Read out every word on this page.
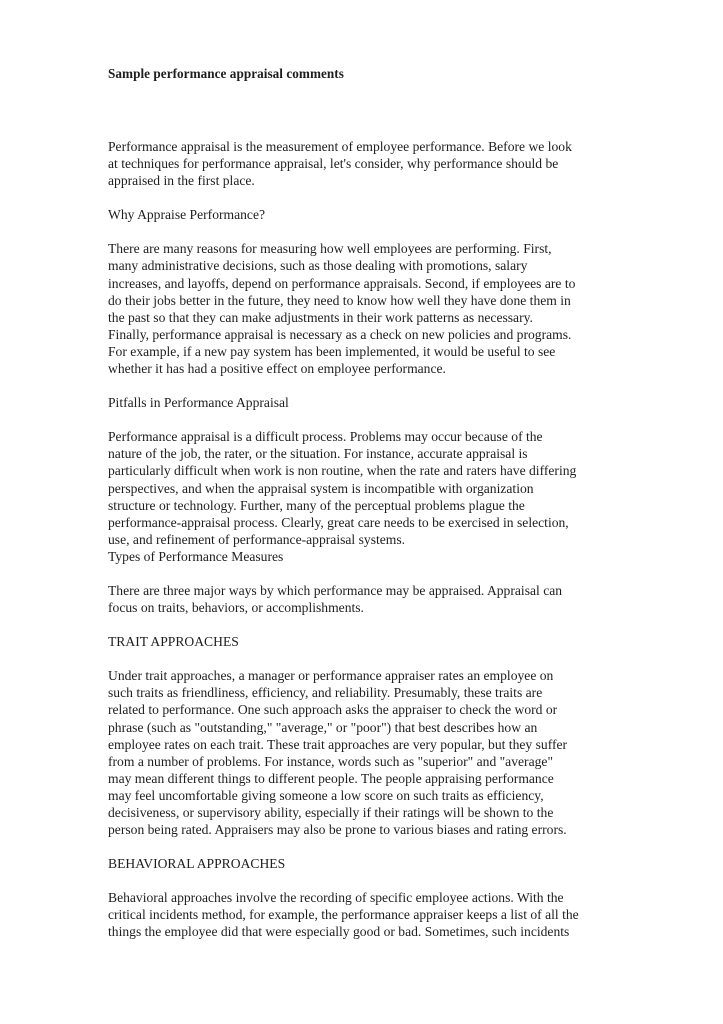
Sample performance appraisal comments

Performance appraisal is the measurement of employee performance. Before we look
at techniques for performance appraisal, let's consider, why performance should be
appraised in the first place.

Why Appraise Performance?

There are many reasons for measuring how well employees are performing. First,
many administrative decisions, such as those dealing with promotions, salary
increases, and layoffs, depend on performance appraisals. Second, if employees are to
do their jobs better in the future, they need to know how well they have done them in
the past so that they can make adjustments in their work patterns as necessary.
Finally, performance appraisal is necessary as a check on new policies and programs.
For example, if a new pay system has been implemented, it would be useful to see
whether it has had a positive effect on employee performance.

Pitfalls in Performance Appraisal

Performance appraisal is a difficult process. Problems may occur because of the
nature of the job, the rater, or the situation. For instance, accurate appraisal is
particularly difficult when work is non routine, when the rate and raters have differing
perspectives, and when the appraisal system is incompatible with organization
structure or technology. Further, many of the perceptual problems plague the
performance-appraisal process. Clearly, great care needs to be exercised in selection,
use, and refinement of performance-appraisal systems.
Types of Performance Measures

There are three major ways by which performance may be appraised. Appraisal can
focus on traits, behaviors, or accomplishments.

TRAIT APPROACHES

Under trait approaches, a manager or performance appraiser rates an employee on
such traits as friendliness, efficiency, and reliability. Presumably, these traits are
related to performance. One such approach asks the appraiser to check the word or
phrase (such as "outstanding," "average," or "poor") that best describes how an
employee rates on each trait. These trait approaches are very popular, but they suffer
from a number of problems. For instance, words such as "superior" and "average"
may mean different things to different people. The people appraising performance
may feel uncomfortable giving someone a low score on such traits as efficiency,
decisiveness, or supervisory ability, especially if their ratings will be shown to the
person being rated. Appraisers may also be prone to various biases and rating errors.

BEHAVIORAL APPROACHES

Behavioral approaches involve the recording of specific employee actions. With the
critical incidents method, for example, the performance appraiser keeps a list of all the
things the employee did that were especially good or bad. Sometimes, such incidents
